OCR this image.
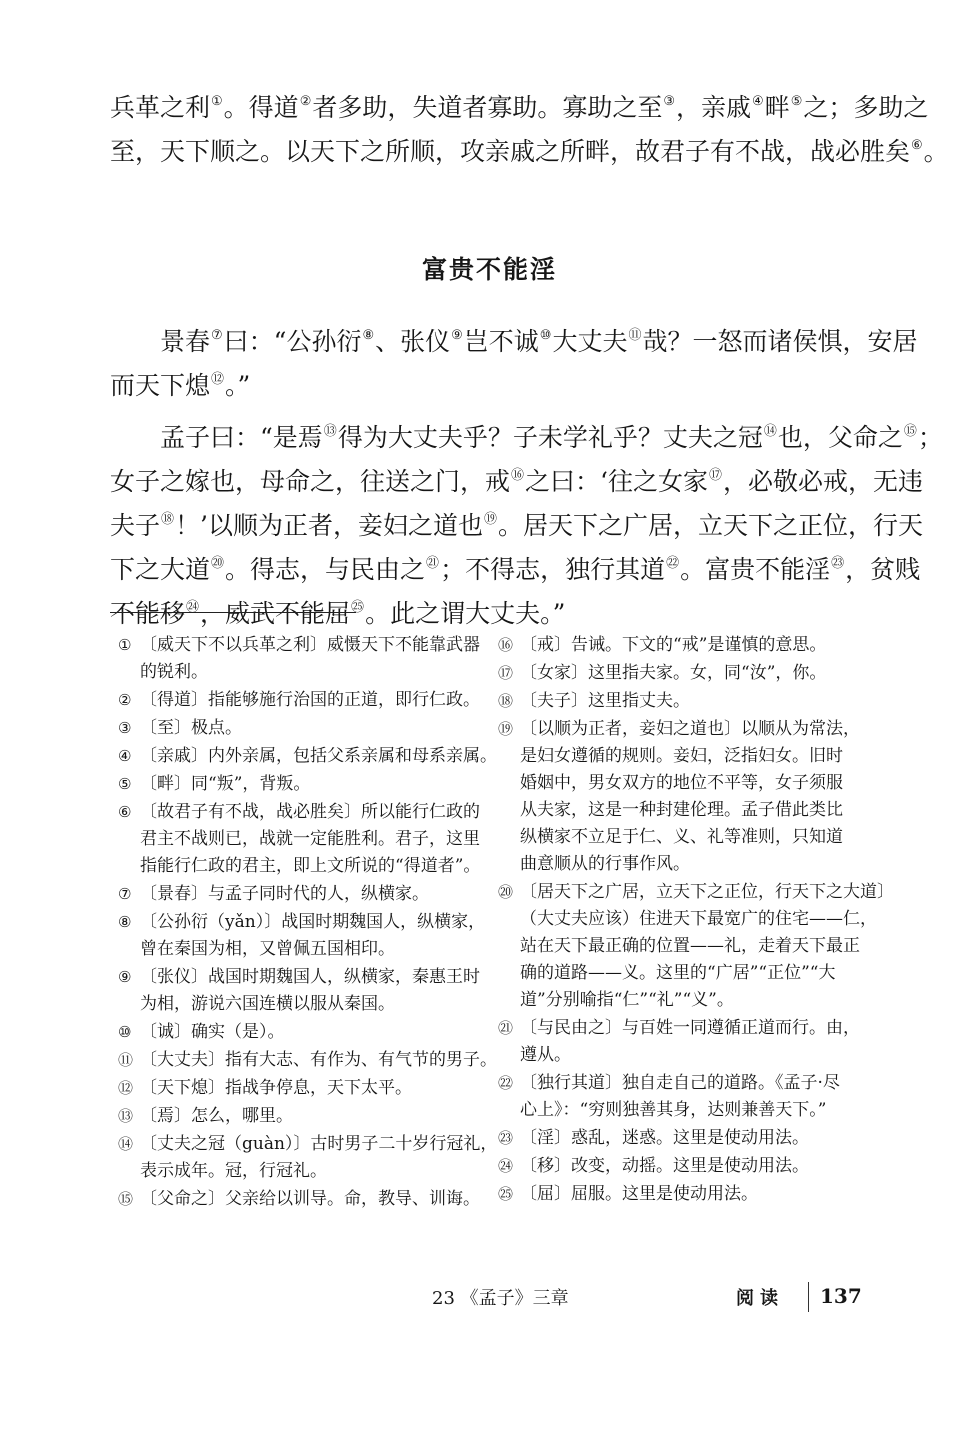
兵革之利①。得道②者多助，失道者寡助。寡助之至③，亲戚④畔⑤之；多助之

至，天下顺之。以天下之所顺，攻亲戚之所畔，故君子有不战，战必胜矣⑥。

富贵不能淫

景春⑦曰：“公孙衍⑧、张仪⑨岂不诚⑩大丈夫⑪哉？一怒而诸侯惧，安居
而天下熄⑫。”

孟子曰：“是焉⑬得为大丈夫乎？子未学礼乎？丈夫之冠⑭也，父命之⑮；
女子之嫁也，母命之，往送之门，戒⑯之曰：‘往之女家⑰，必敬必戒，无违
夫子⑱！’以顺为正者，妾妇之道也⑲。居天下之广居，立天下之正位，行天
下之大道⑳。得志，与民由之$^㉑$；不得志，独行其道$^㉒$。富贵不能淫$^㉓$，贫贱
不能移$^㉔$，威武不能屈$^㉕$。此之谓大丈夫。”

① 〔威天下不以兵革之利〕威慑天下不能靠武器
的锐利。
② 〔得道〕指能够施行治国的正道，即行仁政。
③ 〔至〕极点。
④ 〔亲戚〕内外亲属，包括父系亲属和母系亲属。
⑤ 〔畔〕同“叛”，背叛。
⑥ 〔故君子有不战，战必胜矣〕所以能行仁政的
君主不战则已，战就一定能胜利。君子，这里
指能行仁政的君主，即上文所说的“得道者”。
⑦ 〔景春〕与孟子同时代的人，纵横家。
⑧ 〔公孙衍（yǎn）〕战国时期魏国人，纵横家，
曾在秦国为相，又曾佩五国相印。
⑨ 〔张仪〕战国时期魏国人，纵横家，秦惠王时
为相，游说六国连横以服从秦国。
⑩ 〔诚〕确实（是）。
⑪ 〔大丈夫〕指有大志、有作为、有气节的男子。
⑫ 〔天下熄〕指战争停息，天下太平。
⑬ 〔焉〕怎么，哪里。
⑭ 〔丈夫之冠（guàn）〕古时男子二十岁行冠礼，
表示成年。冠，行冠礼。
⑮ 〔父命之〕父亲给以训导。命，教导、训诲。
⑯ 〔戒〕告诫。下文的“戒”是谨慎的意思。
⑰ 〔女家〕这里指夫家。女，同“汝”，你。
⑱ 〔夫子〕这里指丈夫。
⑲ 〔以顺为正者，妾妇之道也〕以顺从为常法，
是妇女遵循的规则。妾妇，泛指妇女。旧时
婚姻中，男女双方的地位不平等，女子须服
从夫家，这是一种封建伦理。孟子借此类比
纵横家不立足于仁、义、礼等准则，只知道
曲意顺从的行事作风。
⑳ 〔居天下之广居，立天下之正位，行天下之大道〕
（大丈夫应该）住进天下最宽广的住宅——仁，
站在天下最正确的位置——礼，走着天下最正
确的道路——义。这里的“广居”“正位”“大
道”分别喻指“仁”“礼”“义”。
㉑ 〔与民由之〕与百姓一同遵循正道而行。由，
遵从。
㉒ 〔独行其道〕独自走自己的道路。《孟子·尽
心上》：“穷则独善其身，达则兼善天下。”
㉓ 〔淫〕惑乱，迷惑。这里是使动用法。
㉔ 〔移〕改变，动摇。这里是使动用法。
㉕ 〔屈〕屈服。这里是使动用法。
23 《孟子》三章	阅读 137
